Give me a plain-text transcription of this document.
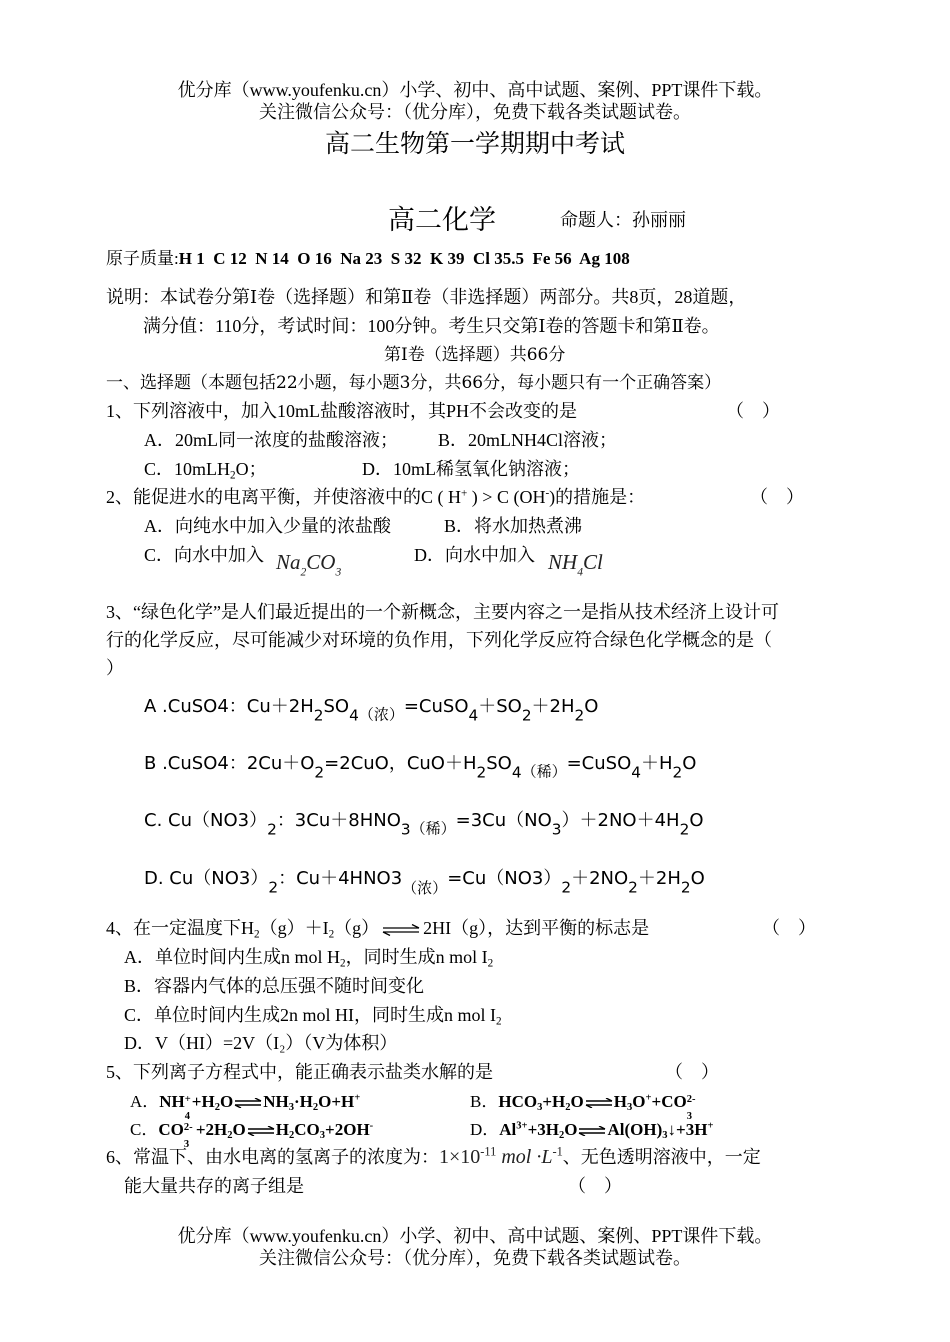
优分库（www.youfenku.cn）小学、初中、高中试题、案例、PPT课件下载。
关注微信公众号：（优分库），免费下载各类试题试卷。
高二生物第一学期期中考试
高二化学	命题人：孙丽丽
原子质量:H 1  C 12  N 14  O 16  Na 23  S 32  K 39  Cl 35.5  Fe 56  Ag 108
说明：本试卷分第Ⅰ卷（选择题）和第Ⅱ卷（非选择题）两部分。共8页，28道题，
满分值：110分，考试时间：100分钟。考生只交第Ⅰ卷的答题卡和第Ⅱ卷。
第Ⅰ卷（选择题）共66分
一、选择题（本题包括22小题，每小题3分，共66分，每小题只有一个正确答案）
1、下列溶液中，加入10mL盐酸溶液时，其PH不会改变的是	（    ）
A．20mL同一浓度的盐酸溶液； B．20mLNH4Cl溶液；
C．10mLH$_2$O；	D．10mL稀氢氧化钠溶液；
2、能促进水的电离平衡，并使溶液中的C ( H+ ) > C (OH-)的措施是：	（    ）
A．向纯水中加入少量的浓盐酸	B．将水加热煮沸
C．向水中加入 $Na_2CO_3$
D．向水中加入 $NH_4Cl$
3、“绿色化学”是人们最近提出的一个新概念，主要内容之一是指从技术经济上设计可
行的化学反应，尽可能减少对环境的负作用，下列化学反应符合绿色化学概念的是（
）
A .CuSO4：$Cu+2H2SO4_{(浓)}=CuSO4+SO2+2H2O$
B .CuSO4：2Cu＋O2=2CuO，$CuO+H2SO4_{(稀)}=CuSO4+H2O$
C. Cu（NO3）2：$3Cu+8HNO3_{(稀)}=3Cu(NO3)+2NO+4H2O$
D. Cu（NO3）2：$Cu+4HNO3_{(浓)}=Cu(NO3)2+2NO2+2H2O$
4、在一定温度下$H_2(g)+I_2(g)\rightleftharpoons 2HI(g)$，达到平衡的标志是	（    ）
A．单位时间内生成n mol $H_2$，同时生成n mol $I_2$
B．容器内气体的总压强不随时间变化
C．单位时间内生成2n mol HI，同时生成n mol $I_2$
D．V（HI）=2V（I₂）（V为体积）
5、下列离子方程式中，能正确表示盐类水解的是	（    ）
A．NH +
4
$+H_2O\rightleftharpoons NH_3\cdot H_2O+H^+$	B．$HCO_3+H_2O\rightleftharpoons H_3O^++CO$ 2-
3
C．CO 2-
3
$+2H_2O\rightleftharpoons H_2CO_3+2OH^-$	D．$Al^{3+}+3H_2O\rightleftharpoons Al(OH)_3↓+3H^+$
6、常温下、由水电离的氢离子的浓度为：$1\times 10^{-11}$ mol $\cdot L^{-1}$、无色透明溶液中，一定
能大量共存的离子组是	（    ）
优分库（www.youfenku.cn）小学、初中、高中试题、案例、PPT课件下载。
关注微信公众号：（优分库），免费下载各类试题试卷。
